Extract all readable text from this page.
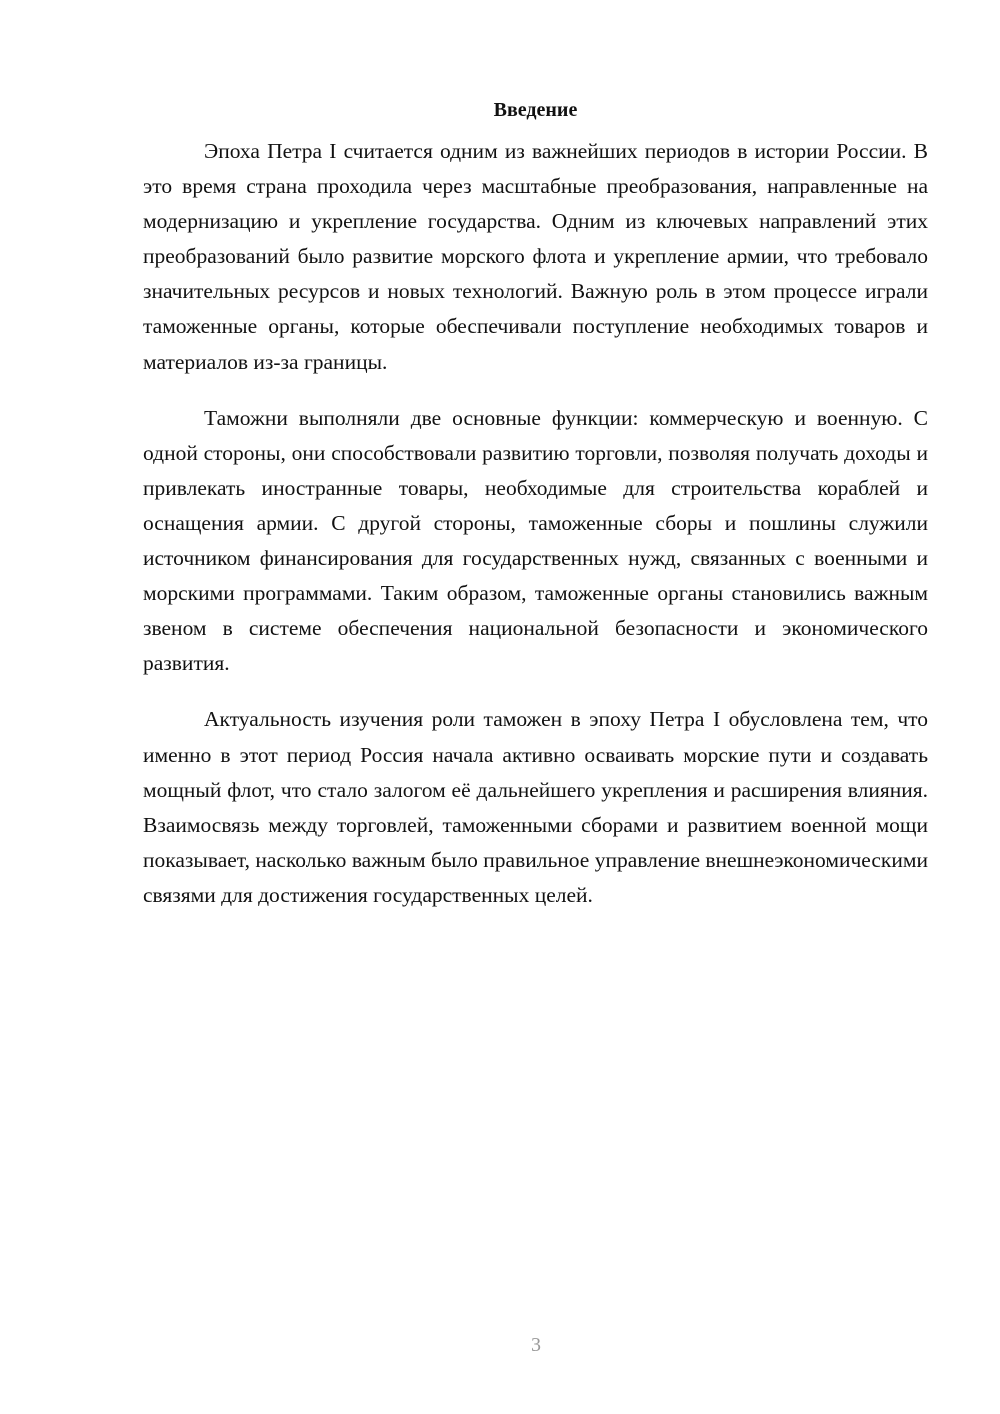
Введение

Эпоха Петра I считается одним из важнейших периодов в истории России. В это время страна проходила через масштабные преобразования, направленные на модернизацию и укрепление государства. Одним из ключевых направлений этих преобразований было развитие морского флота и укрепление армии, что требовало значительных ресурсов и новых технологий. Важную роль в этом процессе играли таможенные органы, которые обеспечивали поступление необходимых товаров и материалов из-за границы.

Таможни выполняли две основные функции: коммерческую и военную. С одной стороны, они способствовали развитию торговли, позволяя получать доходы и привлекать иностранные товары, необходимые для строительства кораблей и оснащения армии. С другой стороны, таможенные сборы и пошлины служили источником финансирования для государственных нужд, связанных с военными и морскими программами. Таким образом, таможенные органы становились важным звеном в системе обеспечения национальной безопасности и экономического развития.

Актуальность изучения роли таможен в эпоху Петра I обусловлена тем, что именно в этот период Россия начала активно осваивать морские пути и создавать мощный флот, что стало залогом её дальнейшего укрепления и расширения влияния. Взаимосвязь между торговлей, таможенными сборами и развитием военной мощи показывает, насколько важным было правильное управление внешнеэкономическими связями для достижения государственных целей.

3
